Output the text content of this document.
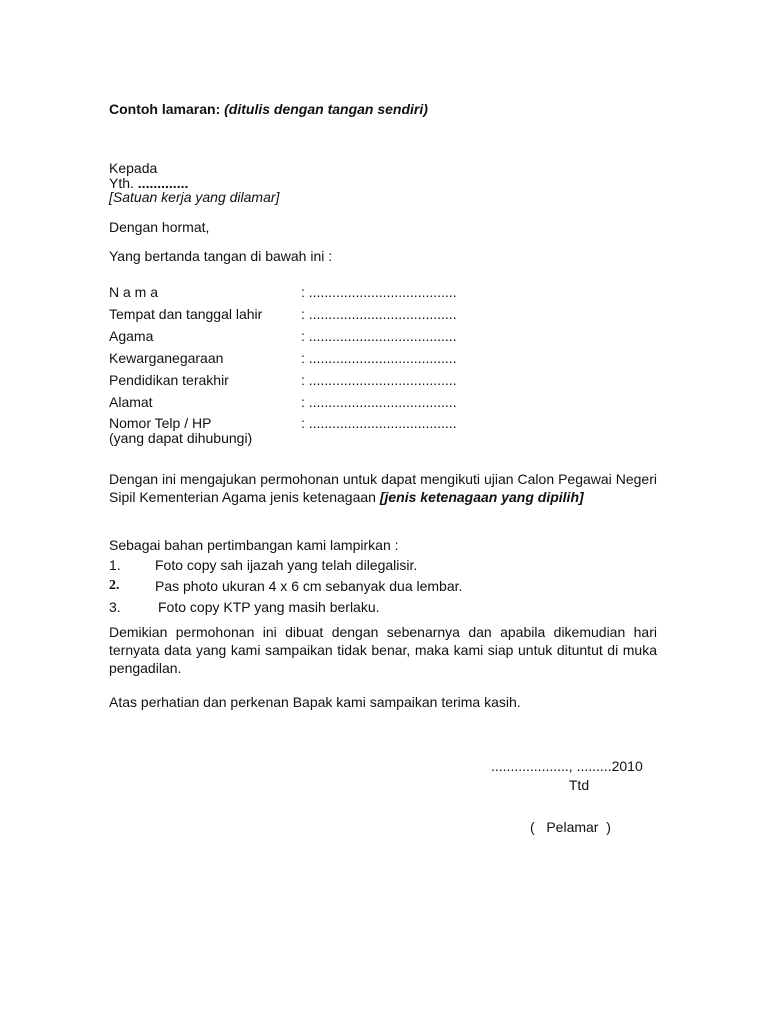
Contoh lamaran: (ditulis dengan tangan sendiri)
Kepada
Yth. .............
[Satuan kerja yang dilamar]
Dengan hormat,
Yang bertanda tangan di bawah ini :
N a m a	: ......................................
Tempat dan tanggal lahir	: ......................................
Agama	: ......................................
Kewarganegaraan	: ......................................
Pendidikan terakhir	: ......................................
Alamat	: ......................................
Nomor Telp / HP	: ......................................
(yang dapat dihubungi)
Dengan ini mengajukan permohonan untuk dapat mengikuti ujian Calon Pegawai Negeri Sipil Kementerian Agama jenis ketenagaan [jenis ketenagaan yang dipilih]
Sebagai bahan pertimbangan kami lampirkan :
1. Foto copy sah ijazah yang telah dilegalisir.
2.	Pas photo ukuran 4 x 6 cm sebanyak dua lembar.
3.	Foto copy KTP yang masih berlaku.
Demikian permohonan ini dibuat dengan sebenarnya dan apabila dikemudian hari ternyata data yang kami sampaikan tidak benar, maka kami siap untuk dituntut di muka pengadilan.
Atas perhatian dan perkenan Bapak kami sampaikan terima kasih.
...................., .........2010
Ttd
(   Pelamar  )
